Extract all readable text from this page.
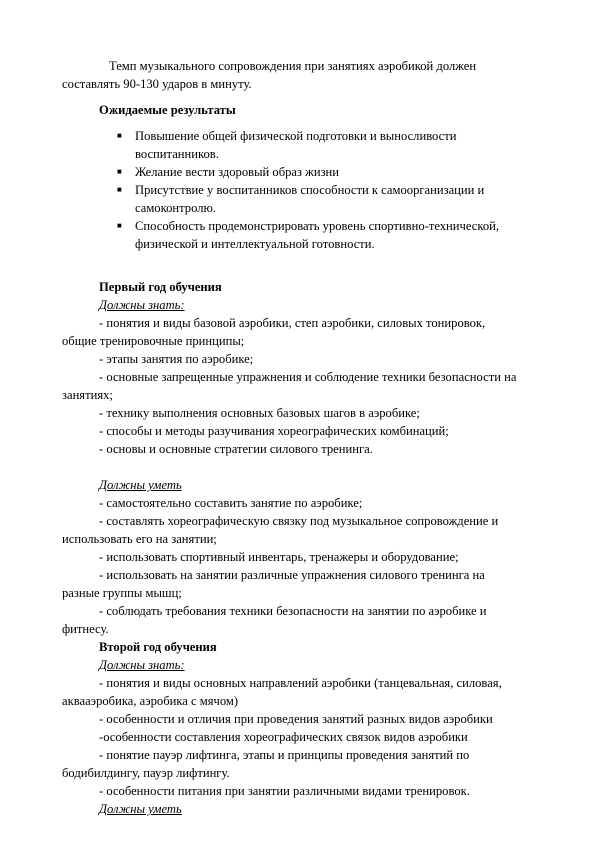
Темп музыкального сопровождения при занятиях аэробикой должен
составлять 90-130 ударов в минуту.
Ожидаемые результаты
■ Повышение общей физической подготовки и выносливости
воспитанников.
■ Желание вести здоровый образ жизни
■ Присутствие у воспитанников способности к самоорганизации и
самоконтролю.
■ Способность продемонстрировать уровень спортивно-технической,
физической и интеллектуальной готовности.
Первый год обучения
Должны знать:
- понятия и виды базовой аэробики, степ аэробики, силовых тонировок,
общие тренировочные принципы;
- этапы занятия по аэробике;
- основные запрещенные упражнения и соблюдение техники безопасности на
занятиях;
- технику выполнения основных базовых шагов в аэробике;
- способы и методы разучивания хореографических комбинаций;
- основы и основные стратегии силового тренинга.
Должны уметь
- самостоятельно составить занятие по аэробике;
- составлять хореографическую связку под музыкальное сопровождение и
использовать его на занятии;
- использовать спортивный инвентарь, тренажеры и оборудование;
- использовать на занятии различные упражнения силового тренинга на
разные группы мышц;
- соблюдать требования техники безопасности на занятии по аэробике и
фитнесу.
Второй год обучения
Должны знать:
- понятия и виды основных направлений аэробики (танцевальная, силовая,
аквааэробика, аэробика с мячом)
- особенности и отличия при проведения занятий разных видов аэробики
-особенности составления хореографических связок видов аэробики
- понятие пауэр лифтинга, этапы и принципы проведения занятий по
бодибилдингу, пауэр лифтингу.
- особенности питания при занятии различными видами тренировок.
Должны уметь
